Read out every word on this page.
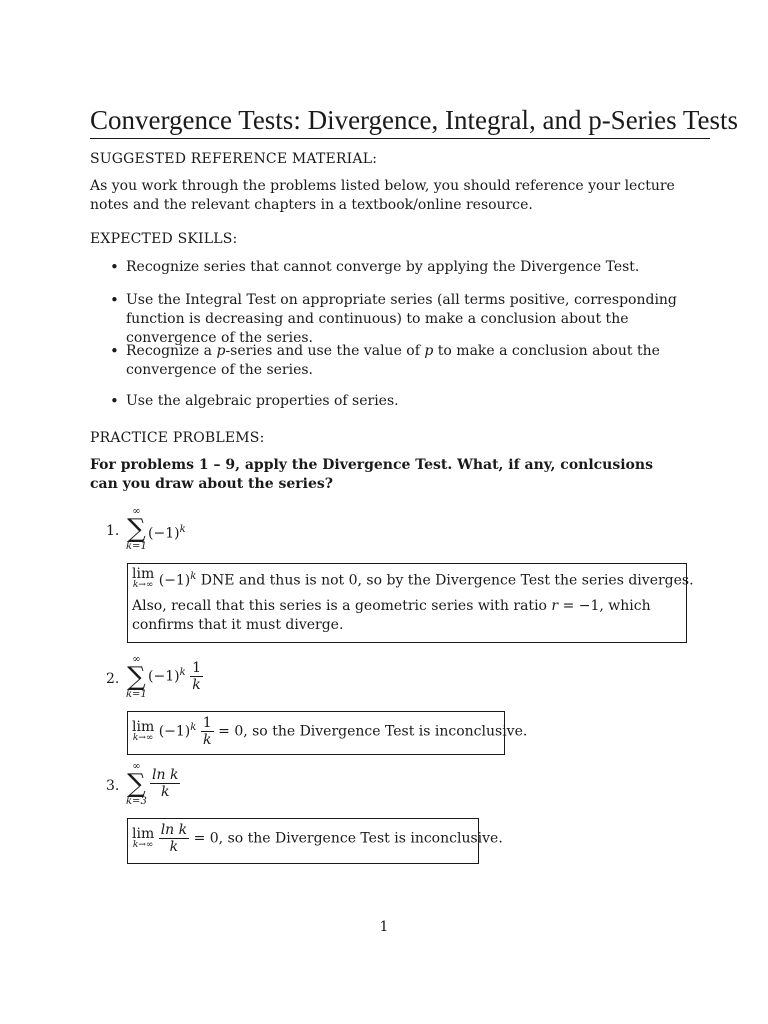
Convergence Tests: Divergence, Integral, and p-Series Tests
SUGGESTED REFERENCE MATERIAL:
As you work through the problems listed below, you should reference your lecture notes and the relevant chapters in a textbook/online resource.
EXPECTED SKILLS:
• Recognize series that cannot converge by applying the Divergence Test.
• Use the Integral Test on appropriate series (all terms positive, corresponding function is decreasing and continuous) to make a conclusion about the convergence of the series.
• Recognize a p-series and use the value of p to make a conclusion about the convergence of the series.
• Use the algebraic properties of series.
PRACTICE PROBLEMS:
For problems 1 – 9, apply the Divergence Test. What, if any, conlcusions can you draw about the series?
1.
∞
∑
k=1
$(-1)^k$
lim
k→∞ $(-1)^k$ DNE and thus is not 0, so by the Divergence Test the series diverges.
Also, recall that this series is a geometric series with ratio r = −1, which confirms that it must diverge.
2.
∞
∑
k=1
$(-1)^k \frac{1}{k}$
lim
k→∞ $(-1)^k \frac{1}{k} = 0$, so the Divergence Test is inconclusive.
3.
∞
∑
k=3
$\frac{\text{ln k}}{k}$
lim
k→∞
$\frac{\text{ln k}}{k} = 0$, so the Divergence Test is inconclusive.
1
